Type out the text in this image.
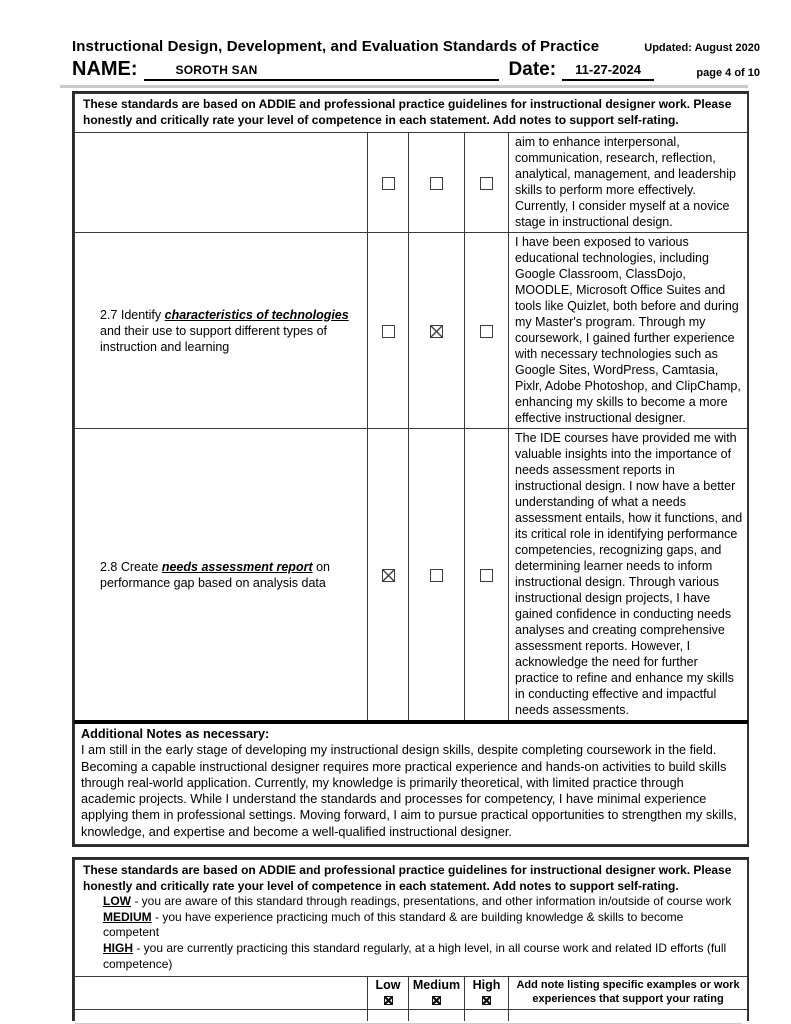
Instructional Design, Development, and Evaluation Standards of Practice	Updated: August 2020
NAME:	SOROTH SAN	Date:	11-27-2024	page 4 of 10
These standards are based on ADDIE and professional practice guidelines for instructional designer work. Please honestly and critically rate your level of competence in each statement. Add notes to support self-rating.				
				aim to enhance interpersonal, communication, research, reflection, analytical, management, and leadership skills to perform more effectively. Currently, I consider myself at a novice stage in instructional design.
2.7 Identify characteristics of technologies and their use to support different types of instruction and learning				I have been exposed to various educational technologies, including Google Classroom, ClassDojo, MOODLE, Microsoft Office Suites and tools like Quizlet, both before and during my Master's program. Through my coursework, I gained further experience with necessary technologies such as Google Sites, WordPress, Camtasia, Pixlr, Adobe Photoshop, and ClipChamp, enhancing my skills to become a more effective instructional designer.
2.8 Create needs assessment report on performance gap based on analysis data				The IDE courses have provided me with valuable insights into the importance of needs assessment reports in instructional design. I now have a better understanding of what a needs assessment entails, how it functions, and its critical role in identifying performance competencies, recognizing gaps, and determining learner needs to inform instructional design. Through various instructional design projects, I have gained confidence in conducting needs analyses and creating comprehensive assessment reports. However, I acknowledge the need for further practice to refine and enhance my skills in conducting effective and impactful needs assessments.
Additional Notes as necessary:
I am still in the early stage of developing my instructional design skills, despite completing coursework in the field. Becoming a capable instructional designer requires more practical experience and hands-on activities to build skills through real-world application. Currently, my knowledge is primarily theoretical, with limited practice through academic projects. While I understand the standards and processes for competency, I have minimal experience applying them in professional settings. Moving forward, I aim to pursue practical opportunities to strengthen my skills, knowledge, and expertise and become a well-qualified instructional designer.				
These standards are based on ADDIE and professional practice guidelines for instructional designer work. Please honestly and critically rate your level of competence in each statement. Add notes to support self-rating.
LOW - you are aware of this standard through readings, presentations, and other information in/outside of course work
MEDIUM - you have experience practicing much of this standard & are building knowledge & skills to become competent
HIGH - you are currently practicing this standard regularly, at a high level, in all course work and related ID efforts (full competence)				

	Low	Medium	High	Add note listing specific examples or work experiences that support your rating
